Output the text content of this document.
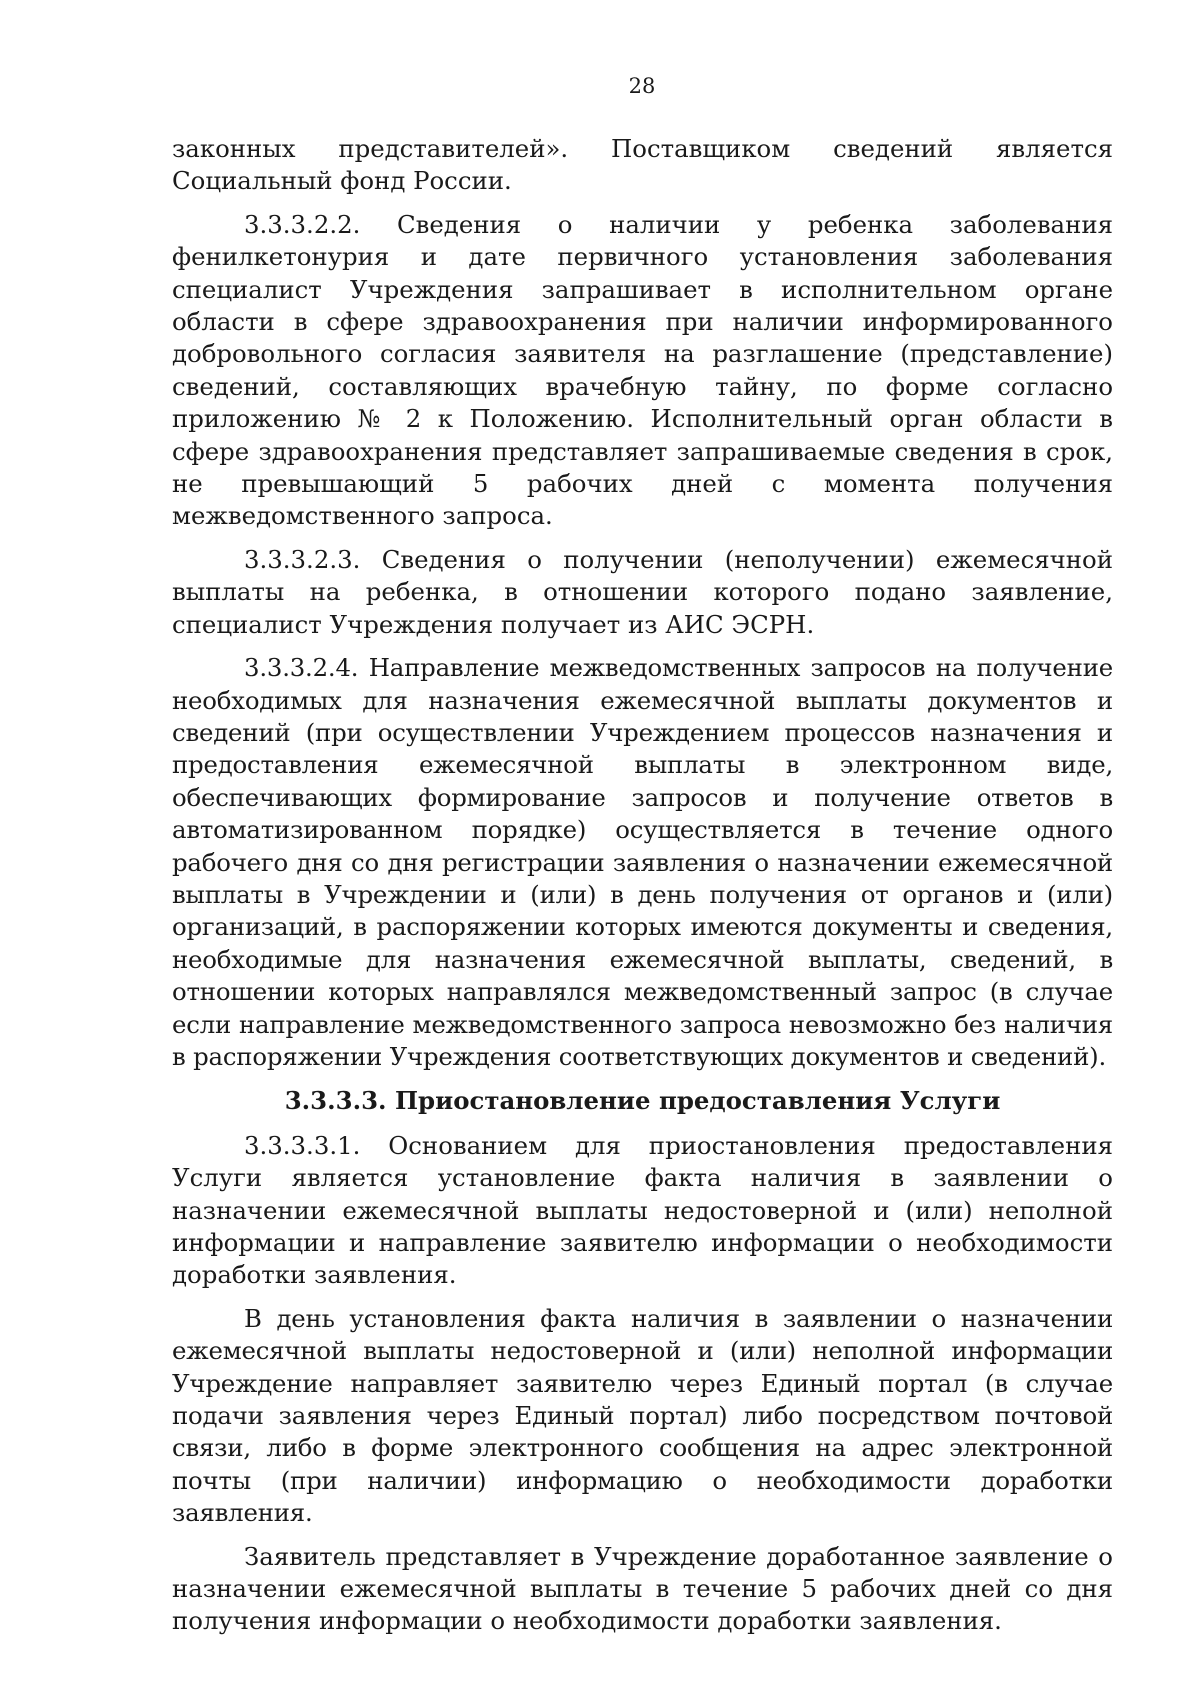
28

законных представителей». Поставщиком сведений является Социальный фонд России.

3.3.3.2.2. Сведения о наличии у ребенка заболевания фенилкетонурия и дате первичного установления заболевания специалист Учреждения запрашивает в исполнительном органе области в сфере здравоохранения при наличии информированного добровольного согласия заявителя на разглашение (представление) сведений, составляющих врачебную тайну, по форме согласно приложению № 2 к Положению. Исполнительный орган области в сфере здравоохранения представляет запрашиваемые сведения в срок, не превышающий 5 рабочих дней с момента получения межведомственного запроса.

3.3.3.2.3. Сведения о получении (неполучении) ежемесячной выплаты на ребенка, в отношении которого подано заявление, специалист Учреждения получает из АИС ЭСРН.

3.3.3.2.4. Направление межведомственных запросов на получение необходимых для назначения ежемесячной выплаты документов и сведений (при осуществлении Учреждением процессов назначения и предоставления ежемесячной выплаты в электронном виде, обеспечивающих формирование запросов и получение ответов в автоматизированном порядке) осуществляется в течение одного рабочего дня со дня регистрации заявления о назначении ежемесячной выплаты в Учреждении и (или) в день получения от органов и (или) организаций, в распоряжении которых имеются документы и сведения, необходимые для назначения ежемесячной выплаты, сведений, в отношении которых направлялся межведомственный запрос (в случае если направление межведомственного запроса невозможно без наличия в распоряжении Учреждения соответствующих документов и сведений).

3.3.3.3. Приостановление предоставления Услуги

3.3.3.3.1. Основанием для приостановления предоставления Услуги является установление факта наличия в заявлении о назначении ежемесячной выплаты недостоверной и (или) неполной информации и направление заявителю информации о необходимости доработки заявления.

В день установления факта наличия в заявлении о назначении ежемесячной выплаты недостоверной и (или) неполной информации Учреждение направляет заявителю через Единый портал (в случае подачи заявления через Единый портал) либо посредством почтовой связи, либо в форме электронного сообщения на адрес электронной почты (при наличии) информацию о необходимости доработки заявления.

Заявитель представляет в Учреждение доработанное заявление о назначении ежемесячной выплаты в течение 5 рабочих дней со дня получения информации о необходимости доработки заявления.
